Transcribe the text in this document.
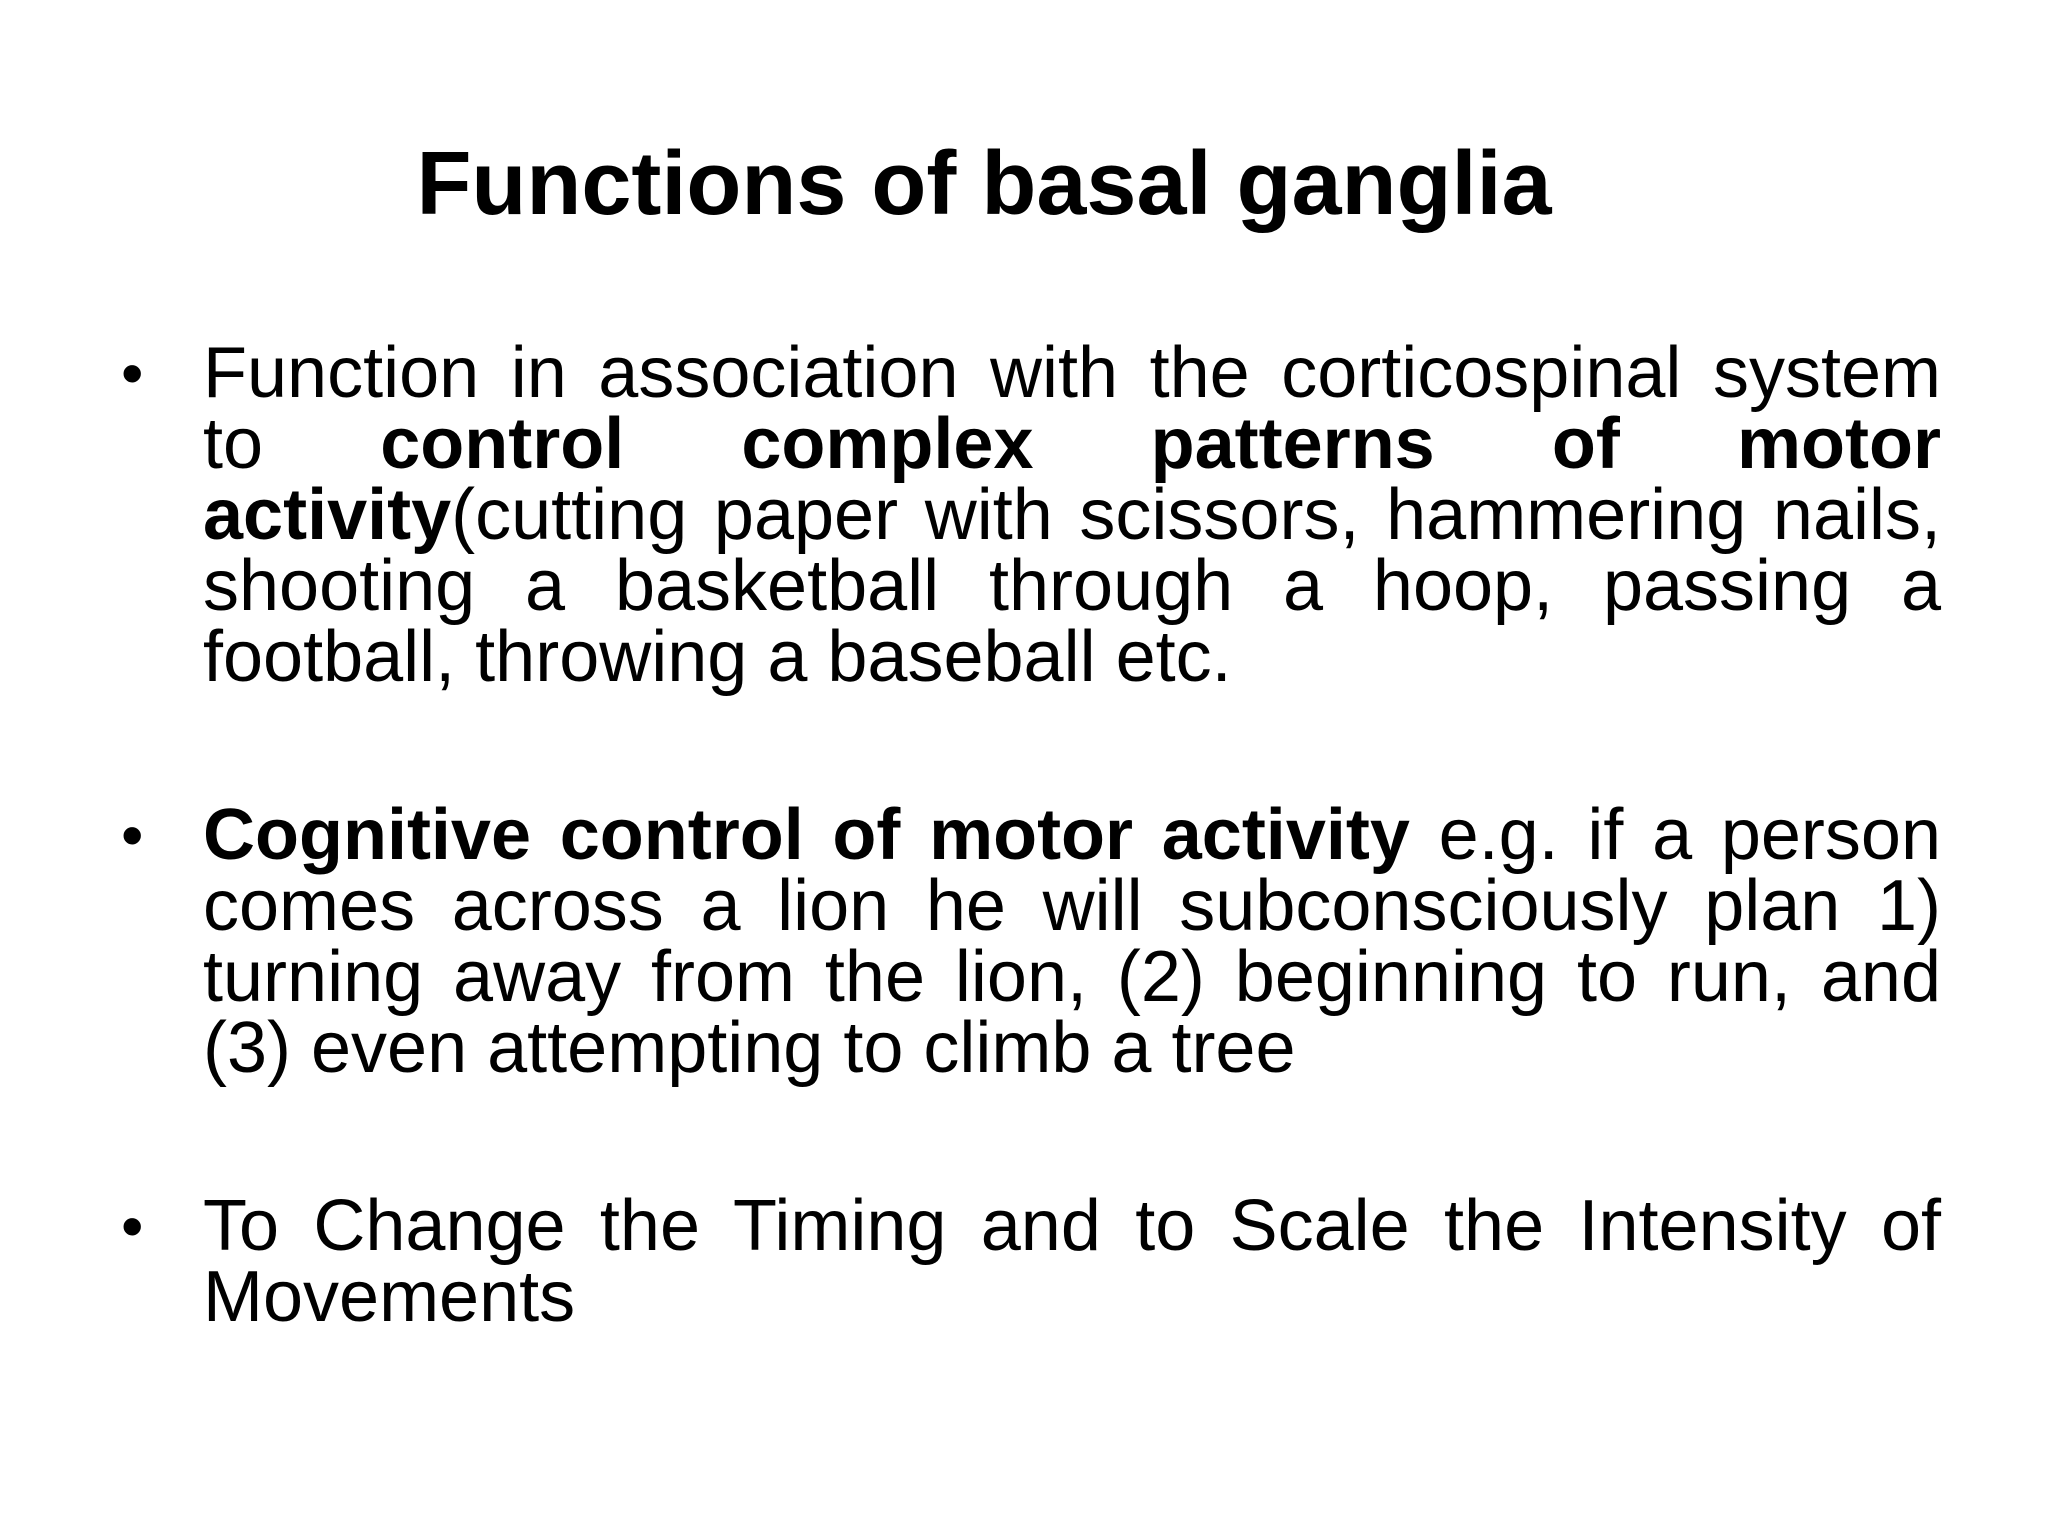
Functions of basal ganglia
• Function in association with the corticospinal system to control complex patterns of motor activity(cutting paper with scissors, hammering nails, shooting a basketball through a hoop, passing a football, throwing a baseball etc.

• Cognitive control of motor activity e.g. if a person comes across a lion he will subconsciously plan 1) turning away from the lion, (2) beginning to run, and (3) even attempting to climb a tree

• To Change the Timing and to Scale the Intensity of Movements
